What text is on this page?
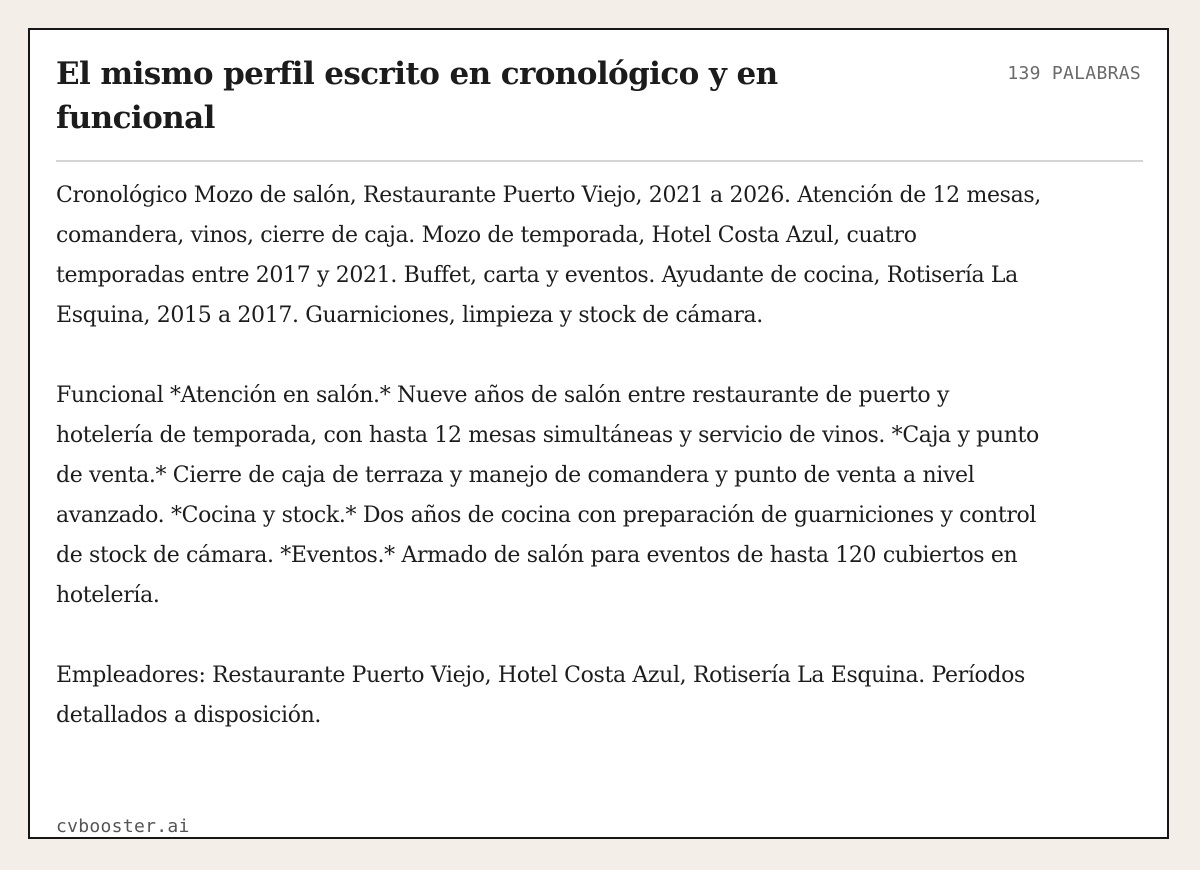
El mismo perfil escrito en cronológico y en funcional
139 PALABRAS

Cronológico Mozo de salón, Restaurante Puerto Viejo, 2021 a 2026. Atención de 12 mesas, comandera, vinos, cierre de caja. Mozo de temporada, Hotel Costa Azul, cuatro temporadas entre 2017 y 2021. Buffet, carta y eventos. Ayudante de cocina, Rotisería La Esquina, 2015 a 2017. Guarniciones, limpieza y stock de cámara.

Funcional *Atención en salón.* Nueve años de salón entre restaurante de puerto y hotelería de temporada, con hasta 12 mesas simultáneas y servicio de vinos. *Caja y punto de venta.* Cierre de caja de terraza y manejo de comandera y punto de venta a nivel avanzado. *Cocina y stock.* Dos años de cocina con preparación de guarniciones y control de stock de cámara. *Eventos.* Armado de salón para eventos de hasta 120 cubiertos en hotelería.

Empleadores: Restaurante Puerto Viejo, Hotel Costa Azul, Rotisería La Esquina. Períodos detallados a disposición.

cvbooster.ai
